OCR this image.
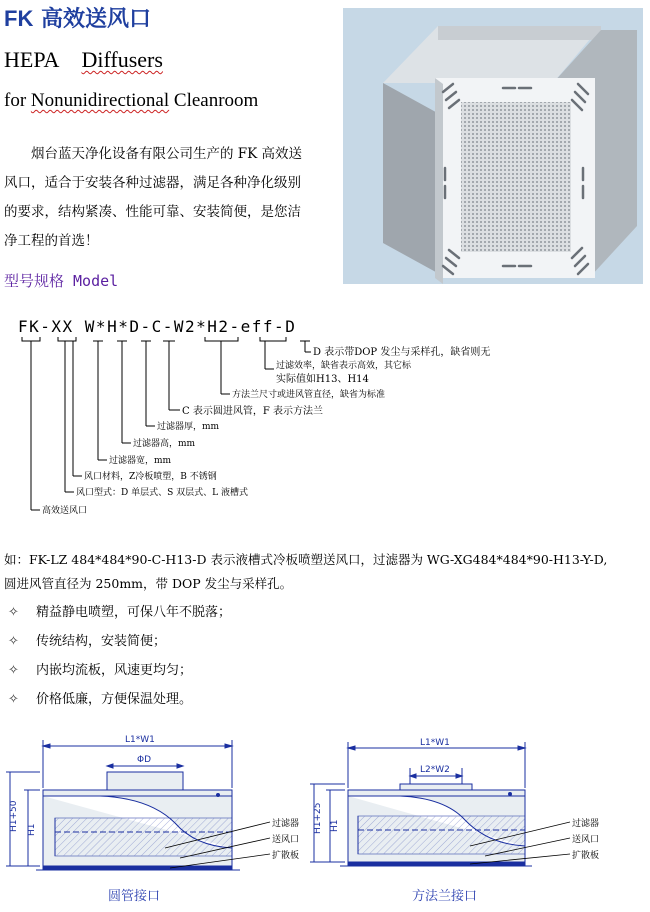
FK 高效送风口
HEPA Diffusers
for Nonunidirectional Cleanroom

烟台蓝天净化设备有限公司生产的 FK 高效送风口，适合于安装各种过滤器，满足各种净化级别的要求，结构紧凑、性能可靠、安装简便，是您洁净工程的首选！

型号规格 Model
FK-XX W*H*D-C-W2*H2-eff-D
高效送风口
风口型式：D 单层式、S 双层式、L 液槽式
风口材料，Z冷板喷塑，B 不锈钢
过滤器宽，mm
过滤器高，mm
过滤器厚，mm
C 表示圆进风管，F 表示方法兰
方法兰尺寸或进风管直径，缺省为标准
过滤效率，缺省表示高效，其它标
实际值如H13、H14
D 表示带DOP 发尘与采样孔，缺省则无

如：FK-LZ 484*484*90-C-H13-D 表示液槽式冷板喷塑送风口，过滤器为 WG-XG484*484*90-H13-Y-D,

圆进风管直径为 250mm，带 DOP 发尘与采样孔。

✧ 精益静电喷塑，可保八年不脱落；
✧ 传统结构，安装简便；
✧ 内嵌均流板，风速更均匀；
✧ 价格低廉，方便保温处理。
L1*W1
ΦD
H1+50 H1	过滤器
送风口
扩散板
圆管接口
L1*W1
L2*W2
H1+25 H1	过滤器
送风口
扩散板
方法兰接口
